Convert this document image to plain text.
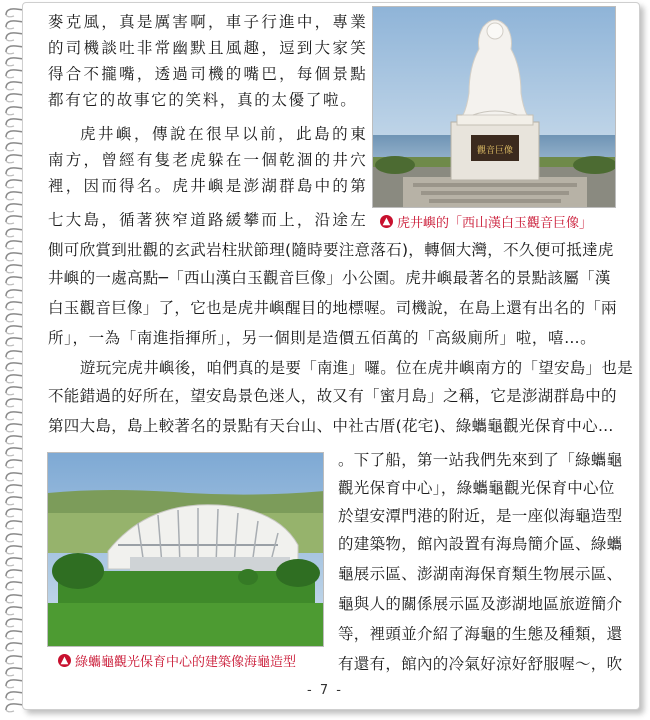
麥克風，真是厲害啊，車子行進中，專業
的司機談吐非常幽默且風趣，逗到大家笑
得合不攏嘴，透過司機的嘴巴，每個景點
都有它的故事它的笑料，真的太優了啦。
虎井嶼，傳說在很早以前，此島的東
南方，曾經有隻老虎躲在一個乾涸的井穴
裡，因而得名。虎井嶼是澎湖群島中的第
七大島，循著狹窄道路緩攀而上，沿途左
側可欣賞到壯觀的玄武岩柱狀節理(隨時要注意落石)，轉個大灣，不久便可抵達虎
井嶼的一處高點─「西山漢白玉觀音巨像」小公園。虎井嶼最著名的景點該屬「漢
白玉觀音巨像」了，它也是虎井嶼醒目的地標喔。司機說，在島上還有出名的「兩
所」，一為「南進指揮所」，另一個則是造價五佰萬的「高級廁所」啦，嘻…。
遊玩完虎井嶼後，咱們真的是要「南進」囉。位在虎井嶼南方的「望安島」也是
不能錯過的好所在，望安島景色迷人，故又有「蜜月島」之稱，它是澎湖群島中的
第四大島，島上較著名的景點有天台山、中社古厝(花宅)、綠蠵龜觀光保育中心…
。下了船，第一站我們先來到了「綠蠵龜
觀光保育中心」，綠蠵龜觀光保育中心位
於望安潭門港的附近，是一座似海龜造型
的建築物，館內設置有海鳥簡介區、綠蠵
龜展示區、澎湖南海保育類生物展示區、
龜與人的關係展示區及澎湖地區旅遊簡介
等，裡頭並介紹了海龜的生態及種類，還
有還有，館內的冷氣好涼好舒服喔～，吹
觀音巨像
▲ 虎井嶼的「西山漢白玉觀音巨像」
▲ 綠蠵龜觀光保育中心的建築像海龜造型
- 7 -
